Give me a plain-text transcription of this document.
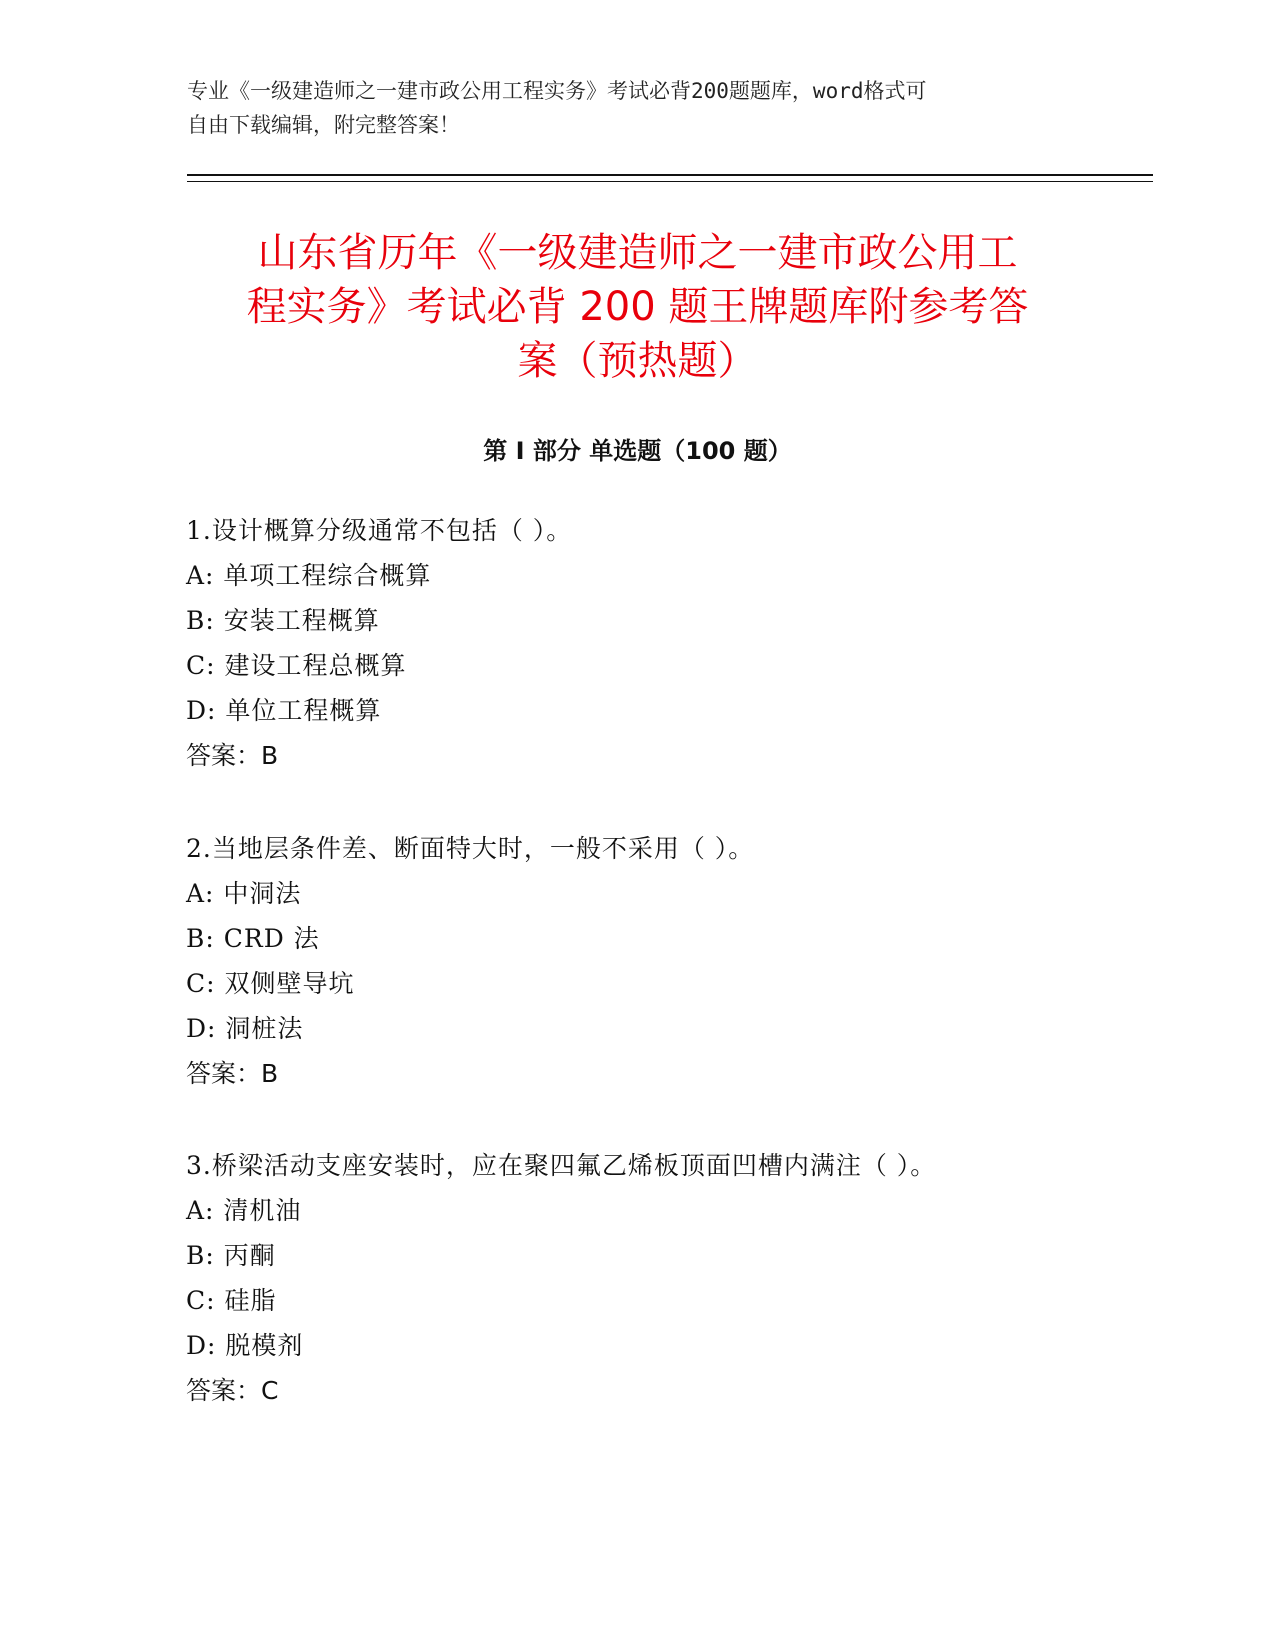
专业《一级建造师之一建市政公用工程实务》考试必背200题题库，word格式可
自由下载编辑，附完整答案！
山东省历年《一级建造师之一建市政公用工
程实务》考试必背 200 题王牌题库附参考答
案（预热题）
第 I 部分 单选题（100 题）
1.设计概算分级通常不包括（ ）。
A: 单项工程综合概算
B: 安装工程概算
C: 建设工程总概算
D: 单位工程概算
答案：B
2.当地层条件差、断面特大时，一般不采用（ ）。
A: 中洞法
B: CRD 法
C: 双侧壁导坑
D: 洞桩法
答案：B
3.桥梁活动支座安装时，应在聚四氟乙烯板顶面凹槽内满注（ ）。
A: 清机油
B: 丙酮
C: 硅脂
D: 脱模剂
答案：C
